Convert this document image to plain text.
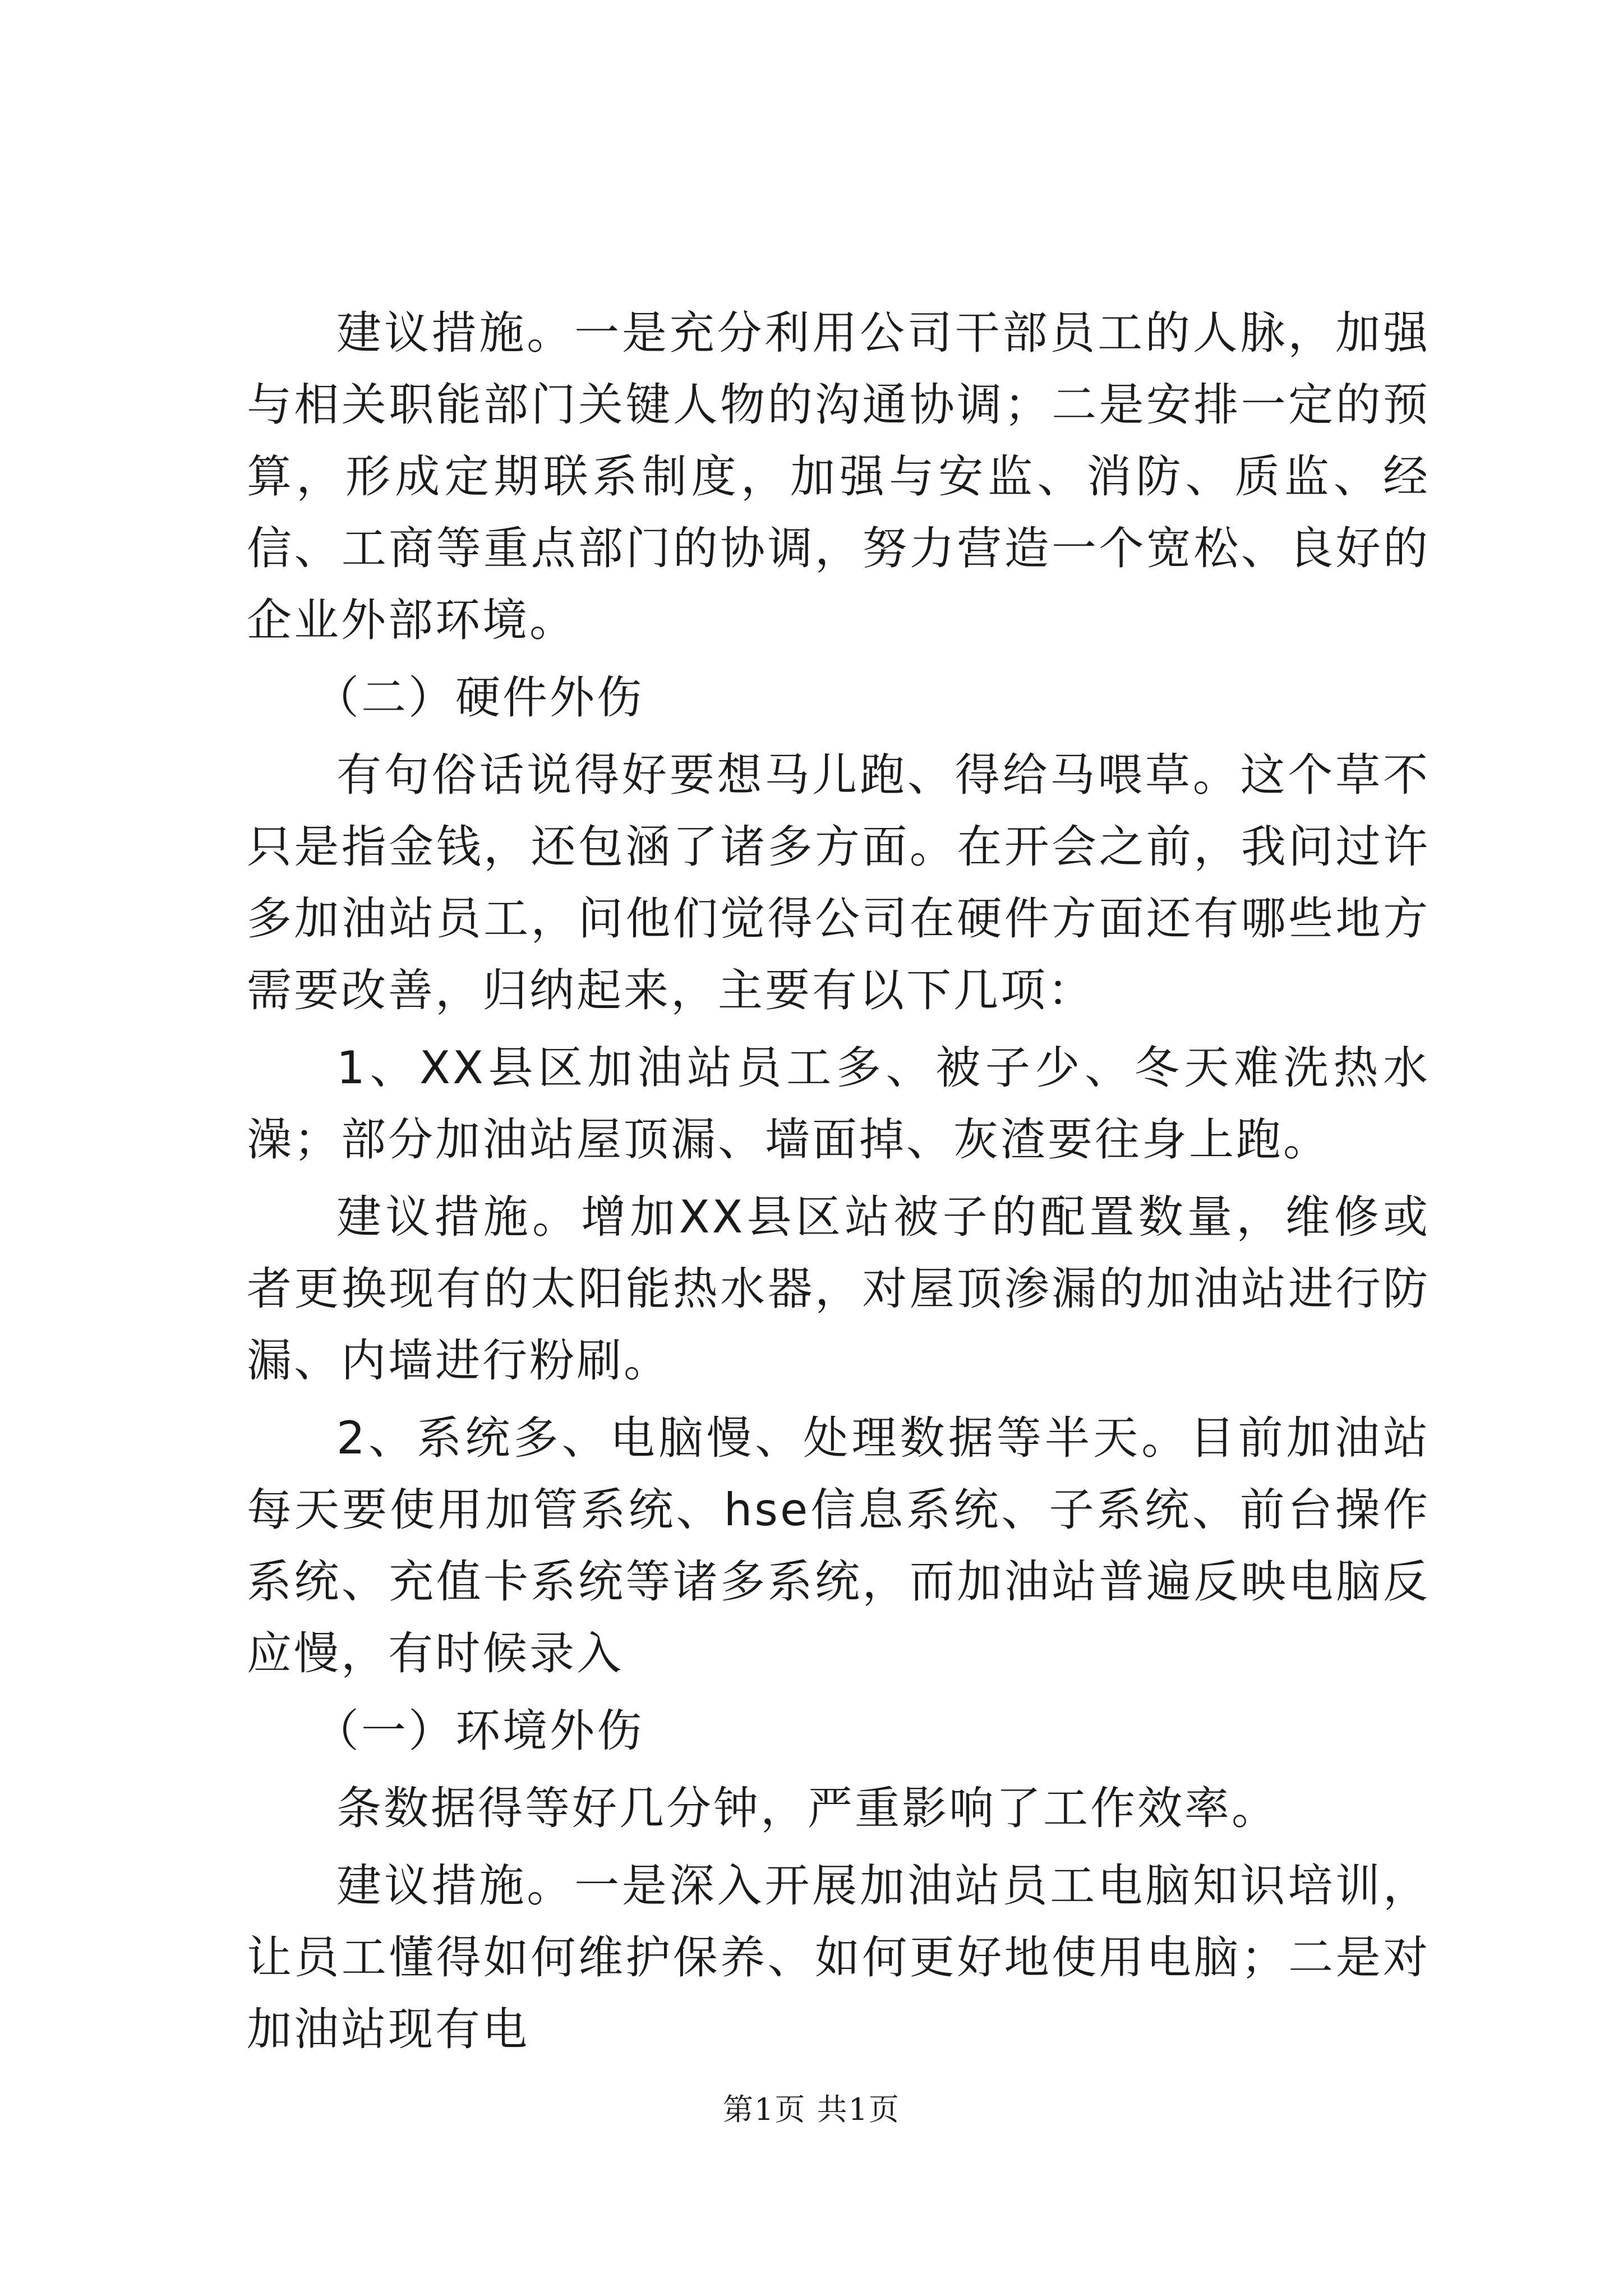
建议措施。一是充分利用公司干部员工的人脉，加强与相关职能部门关键人物的沟通协调；二是安排一定的预算，形成定期联系制度，加强与安监、消防、质监、经信、工商等重点部门的协调，努力营造一个宽松、良好的企业外部环境。

（二）硬件外伤

有句俗话说得好要想马儿跑、得给马喂草。这个草不只是指金钱，还包涵了诸多方面。在开会之前，我问过许多加油站员工，问他们觉得公司在硬件方面还有哪些地方需要改善，归纳起来，主要有以下几项：

1、XX县区加油站员工多、被子少、冬天难洗热水澡；部分加油站屋顶漏、墙面掉、灰渣要往身上跑。

建议措施。增加XX县区站被子的配置数量，维修或者更换现有的太阳能热水器，对屋顶渗漏的加油站进行防漏、内墙进行粉刷。

2、系统多、电脑慢、处理数据等半天。目前加油站每天要使用加管系统、hse信息系统、子系统、前台操作系统、充值卡系统等诸多系统，而加油站普遍反映电脑反应慢，有时候录入

（一）环境外伤

条数据得等好几分钟，严重影响了工作效率。

建议措施。一是深入开展加油站员工电脑知识培训，让员工懂得如何维护保养、如何更好地使用电脑；二是对加油站现有电

第1页 共1页
